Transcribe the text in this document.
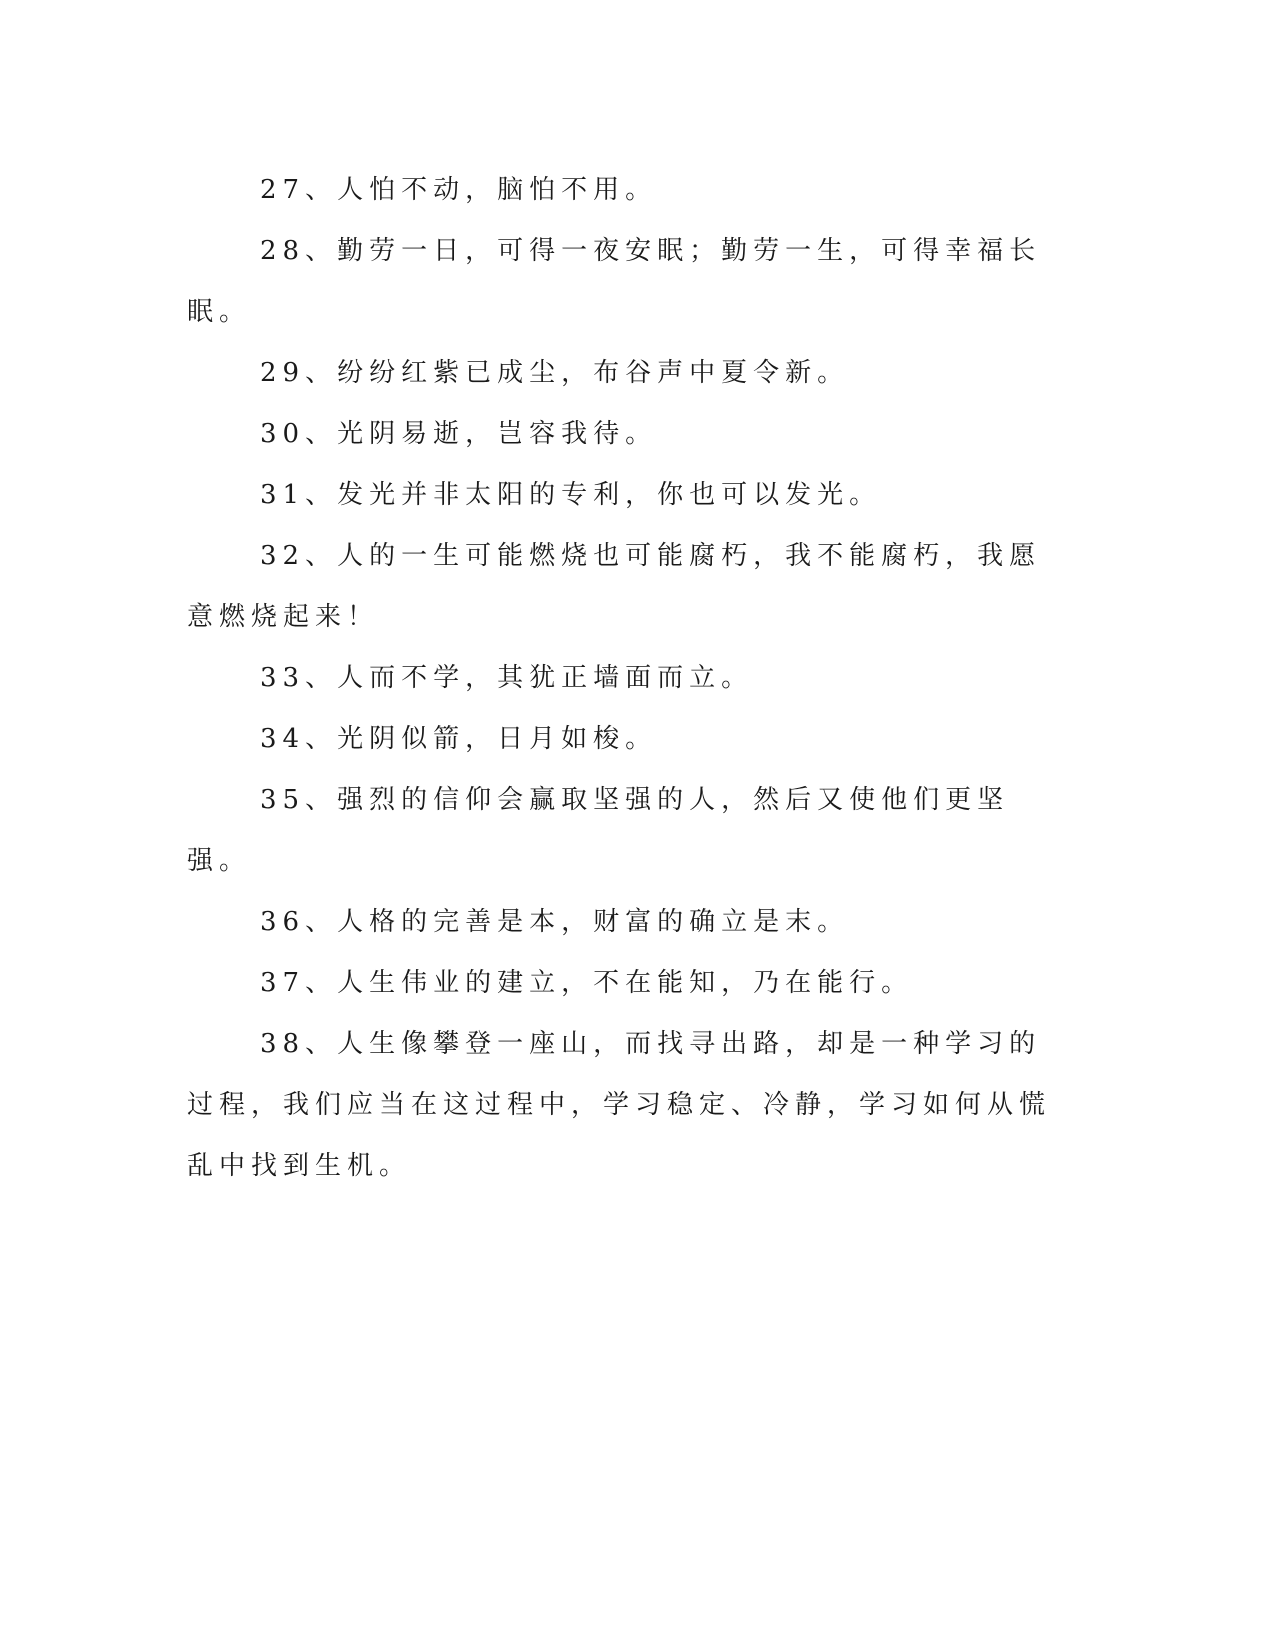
27、人怕不动，脑怕不用。

28、勤劳一日，可得一夜安眠；勤劳一生，可得幸福长眠。

29、纷纷红紫已成尘，布谷声中夏令新。

30、光阴易逝，岂容我待。

31、发光并非太阳的专利，你也可以发光。

32、人的一生可能燃烧也可能腐朽，我不能腐朽，我愿意燃烧起来！

33、人而不学，其犹正墙面而立。

34、光阴似箭，日月如梭。

35、强烈的信仰会赢取坚强的人，然后又使他们更坚强。

36、人格的完善是本，财富的确立是末。

37、人生伟业的建立，不在能知，乃在能行。

38、人生像攀登一座山，而找寻出路，却是一种学习的过程，我们应当在这过程中，学习稳定、冷静，学习如何从慌乱中找到生机。
